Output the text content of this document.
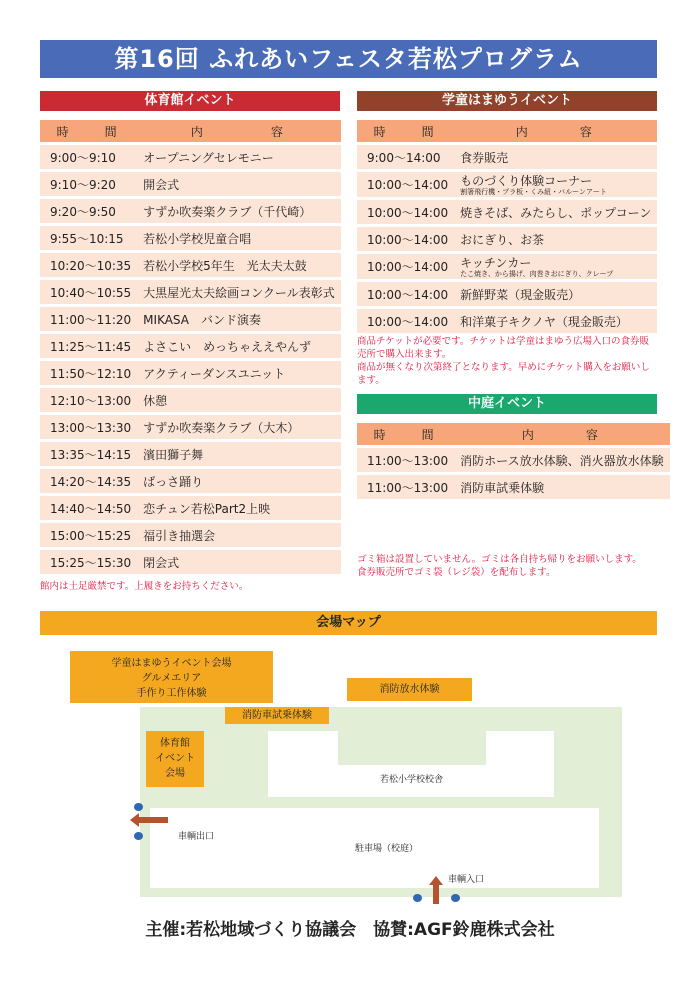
第16回 ふれあいフェスタ若松プログラム
体育館イベント
時　　間		内　　　　容
9:00〜9:10		オープニングセレモニー
9:10〜9:20		開会式
9:20〜9:50		すずか吹奏楽クラブ（千代崎）
9:55〜10:15		若松小学校児童合唱
10:20〜10:35		若松小学校5年生　光太夫太鼓
10:40〜10:55		大黒屋光太夫絵画コンクール表彰式
11:00〜11:20		MIKASA　バンド演奏
11:25〜11:45		よさこい　めっちゃええやんず
11:50〜12:10		アクティーダンスユニット
12:10〜13:00		休憩
13:00〜13:30		すずか吹奏楽クラブ（大木）
13:35〜14:15		濱田獅子舞
14:20〜14:35		ばっさ踊り
14:40〜14:50		恋チュン若松Part2上映
15:00〜15:25		福引き抽選会
15:25〜15:30		閉会式
館内は土足厳禁です。上履きをお持ちください。
学童はまゆうイベント
時　　間		内　　　容
9:00〜14:00		食券販売
10:00〜14:00		ものづくり体験コーナー
割箸飛行機・プラ板・くみ紐・バルーンアート

10:00〜14:00		焼きそば、みたらし、ポップコーン
10:00〜14:00		おにぎり、お茶
10:00〜14:00		キッチンカー
たこ焼き、から揚げ、肉巻きおにぎり、クレープ

10:00〜14:00		新鮮野菜（現金販売）
10:00〜14:00		和洋菓子キクノヤ（現金販売）
商品チケットが必要です。チケットは学童はまゆう広場入口の食券販売所で購入出来ます。
商品が無くなり次第終了となります。早めにチケット購入をお願いします。
中庭イベント
時　　間		内　　　容
11:00〜13:00		消防ホース放水体験、消火器放水体験
11:00〜13:00		消防車試乗体験
ゴミ箱は設置していません。ゴミは各自持ち帰りをお願いします。
食券販売所でゴミ袋（レジ袋）を配布します。
会場マップ
学童はまゆうイベント会場
グルメエリア
手作り工作体験	消防放水体験
消防車試乗体験
体育館
イベント
会場
若松小学校校舎
車輌出口
駐車場（校庭）
車輌入口
主催:若松地域づくり協議会　協賛:AGF鈴鹿株式会社
